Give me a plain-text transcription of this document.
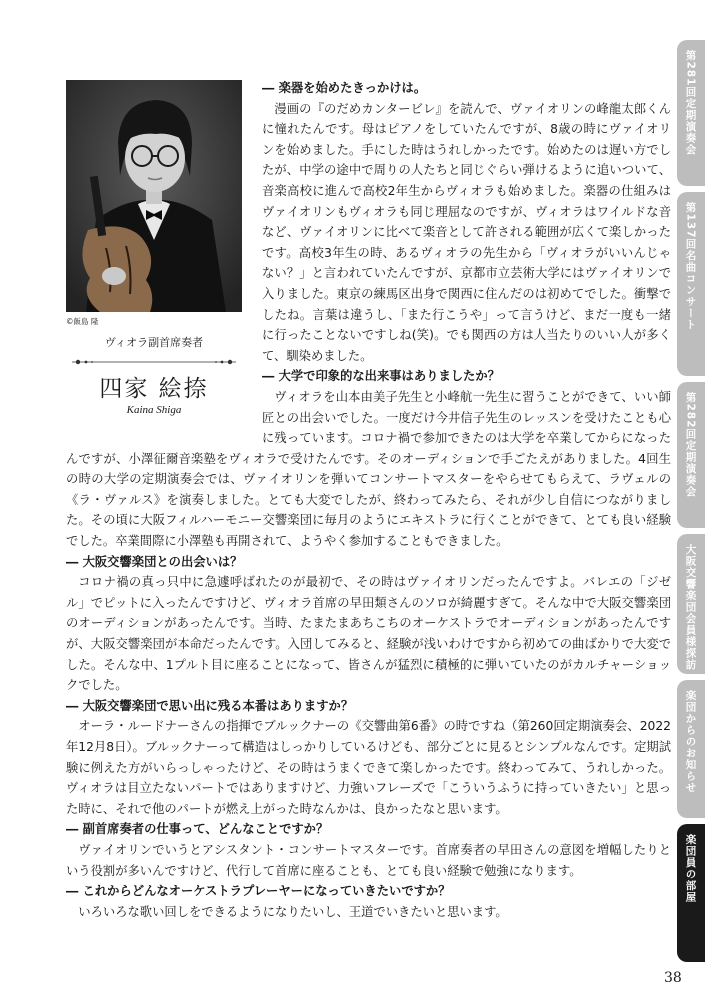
©飯島 隆
ヴィオラ副首席奏者
四家 絵捺
Kaina Shiga

― 楽器を始めたきっかけは。

漫画の『のだめカンタービレ』を読んで、ヴァイオリンの峰龍太郎くんに憧れたんです。母はピアノをしていたんですが、8歳の時にヴァイオリンを始めました。手にした時はうれしかったです。始めたのは遅い方でしたが、中学の途中で周りの人たちと同じぐらい弾けるように追いついて、音楽高校に進んで高校2年生からヴィオラも始めました。楽器の仕組みはヴァイオリンもヴィオラも同じ理屈なのですが、ヴィオラはワイルドな音など、ヴァイオリンに比べて楽音として許される範囲が広くて楽しかったです。高校3年生の時、あるヴィオラの先生から「ヴィオラがいいんじゃない？」と言われていたんですが、京都市立芸術大学にはヴァイオリンで入りました。東京の練馬区出身で関西に住んだのは初めてでした。衝撃でしたね。言葉は違うし、「また行こうや」って言うけど、まだ一度も一緒に行ったことないですしね(笑)。でも関西の方は人当たりのいい人が多くて、馴染めました。

― 大学で印象的な出来事はありましたか？

ヴィオラを山本由美子先生と小峰航一先生に習うことができて、いい師匠との出会いでした。一度だけ今井信子先生のレッスンを受けたことも心に残っています。コロナ禍で参加できたのは大学を卒業してからになったんですが、小澤征爾音楽塾をヴィオラで受けたんです。そのオーディションで手ごたえがありました。4回生の時の大学の定期演奏会では、ヴァイオリンを弾いてコンサートマスターをやらせてもらえて、ラヴェルの《ラ・ヴァルス》を演奏しました。とても大変でしたが、終わってみたら、それが少し自信につながりました。その頃に大阪フィルハーモニー交響楽団に毎月のようにエキストラに行くことができて、とても良い経験でした。卒業間際に小澤塾も再開されて、ようやく参加することもできました。

― 大阪交響楽団との出会いは？

コロナ禍の真っ只中に急遽呼ばれたのが最初で、その時はヴァイオリンだったんですよ。バレエの「ジゼル」でピットに入ったんですけど、ヴィオラ首席の早田類さんのソロが綺麗すぎて。そんな中で大阪交響楽団のオーディションがあったんです。当時、たまたまあちこちのオーケストラでオーディションがあったんですが、大阪交響楽団が本命だったんです。入団してみると、経験が浅いわけですから初めての曲ばかりで大変でした。そんな中、1プルト目に座ることになって、皆さんが猛烈に積極的に弾いていたのがカルチャーショックでした。

― 大阪交響楽団で思い出に残る本番はありますか？

オーラ・ルードナーさんの指揮でブルックナーの《交響曲第6番》の時ですね（第260回定期演奏会、2022年12月8日）。ブルックナーって構造はしっかりしているけども、部分ごとに見るとシンプルなんです。定期試験に例えた方がいらっしゃったけど、その時はうまくできて楽しかったです。終わってみて、うれしかった。ヴィオラは目立たないパートではありますけど、力強いフレーズで「こういうふうに持っていきたい」と思った時に、それで他のパートが燃え上がった時なんかは、良かったなと思います。

― 副首席奏者の仕事って、どんなことですか？

ヴァイオリンでいうとアシスタント・コンサートマスターです。首席奏者の早田さんの意図を増幅したりという役割が多いんですけど、代行して首席に座ることも、とても良い経験で勉強になります。

― これからどんなオーケストラプレーヤーになっていきたいですか？

いろいろな歌い回しをできるようになりたいし、王道でいきたいと思います。

第281回定期演奏会
第137回名曲コンサート
第282回定期演奏会
大阪交響楽団会員様探訪
楽団からのお知らせ
楽団員の部屋
38
